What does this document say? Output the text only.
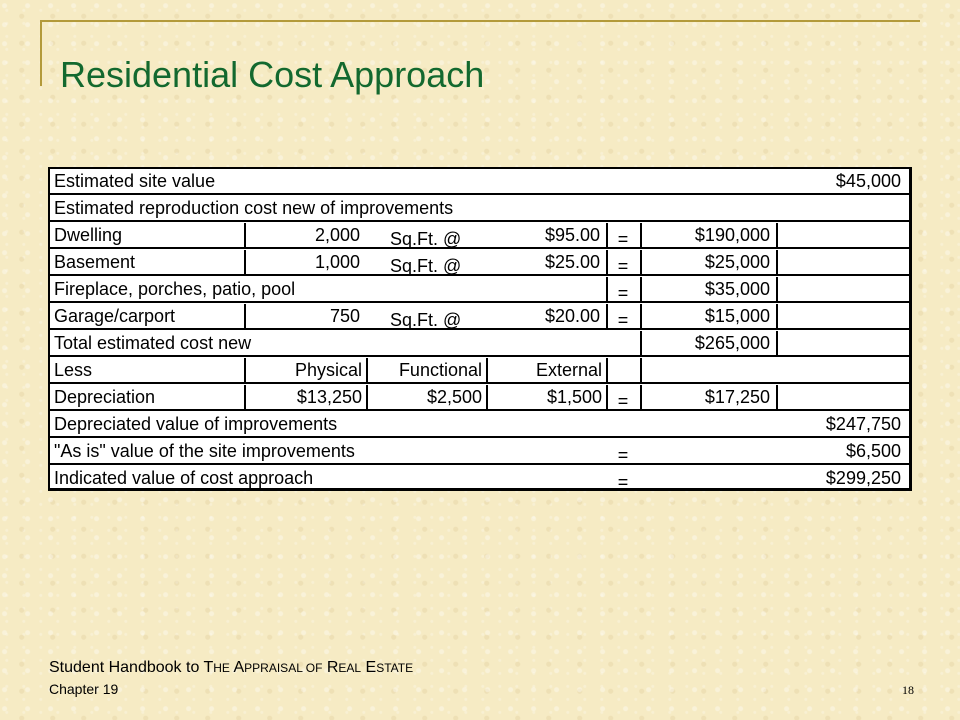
Residential Cost Approach
Estimated site value	$45,000
Estimated reproduction cost new of improvements
Dwelling	2,000 Sq.Ft. @	$95.00 =	$190,000
Basement	1,000 Sq.Ft. @	$25.00 =	$25,000
Fireplace, porches, patio, pool	=	$35,000
Garage/carport	750 Sq.Ft. @	$20.00 =	$15,000
Total estimated cost new	$265,000
Less	Physical	Functional	External
Depreciation	$13,250	$2,500	$1,500 =	$17,250
Depreciated value of improvements	$247,750
"As is" value of the site improvements	=	$6,500
Indicated value of cost approach	=	$299,250
Student Handbook to THE APPRAISAL OF REAL ESTATE
Chapter 19	18
